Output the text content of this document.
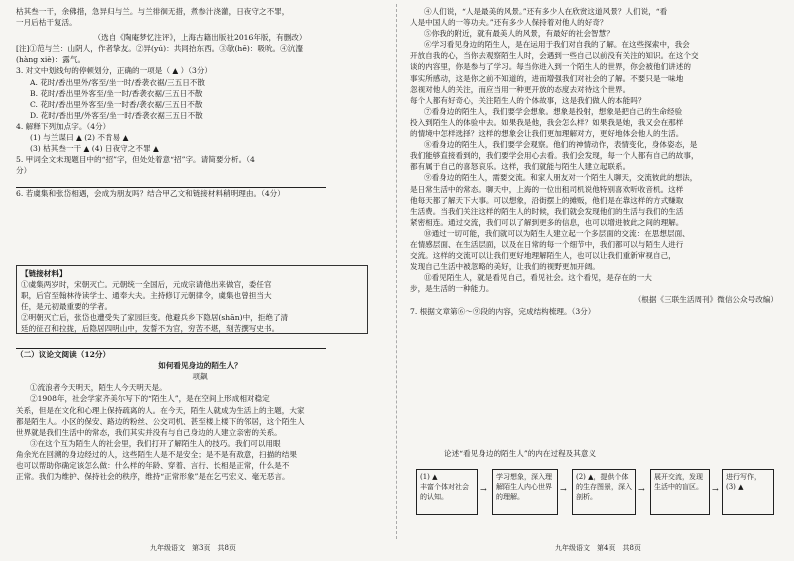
枯其叁一干，余佛措，急异归与兰。与兰徘徊无措，煮参汁浇灌，日夜守之不罪，
一月后枯干复活。
（选自《陶庵梦忆注评》，上海古籍出版社2016年版，有删改）
[注]①范与兰：山阴人，作者挚友。②异(yú)：共同抬东西。③欹(hē)：吸吮。④沆瀣
(hàng xiè)：露气。
3. 对文中划线句的停顿划分，正确的一项是（ ▲ ）（3分）
A. 花时/香出里外/客至/坐一时/香袭衣裾/三五日不散
B. 花时/香出里外客至/坐一时/香袭衣裾/三五日不散
C. 花时/香出里外客至/坐一时香/袭衣裾/三五日不散
D. 花时/香出里/外客至/坐一时/香袭衣裾三五日不散
4. 解释下列加点字。（4分）
(1) 与兰谋曰 ▲ (2) 不肯易 ▲
(3) 枯其叁一干 ▲ (4) 日夜守之不罪 ▲
5. 甲词全文未现题目中的“招”字，但处处着意“招”字。请简要分析。（4
分）
6. 若虞集和张岱相遇，会成为朋友吗？结合甲乙文和链接材料稍明理由。（4分）
【链接材料】
①虞集两岁时，宋朝灭亡。元朝统一全国后，元成宗请他出来做官，委任官
职，后官至翰林待读学士、通奉大夫。主持修订元朝律令，虞集也曾担当大
任，是元初最重要的学者。
②明朝灭亡后，张岱也遭受失了家园巨变。他避兵乡下隐居(shān)中，拒绝了清
廷的征召和拉拢，后隐居四明山中，发誓不为官，穷苦不堪，刻苦撰写史书。
（二）议论文阅读（12分）
如何看见身边的陌生人？
项飙
①流浪者今天明天，陌生人今天明天是。
②1908年，社会学家齐美尔写下的“陌生人”，是在空间上形成相对稳定
关系，但是在文化和心理上保持疏离的人。在今天，陌生人就成为生活上的主题，大家
都是陌生人。小区的保安、路边的粉丝、公交司机、甚至楼上楼下的邻居，这个陌生人
世界就是我们生活中的常态，我们其实并没有与自己身边的人建立亲密的关系。
③在这个互为陌生人的社会里，我们打开了解陌生人的技巧。我们可以用眼
角余光在回溯的身边经过的人，这些陌生人是不是安全；是不是有敌意，扫描的结果
也可以帮助你确定该怎么做：什么样的年龄、穿着、言行、长相是正常，什么是不
正常。我们为维护、保持社会的秩序，维持“正常形象”是在乞丐宏义、毫无恶言。
九年级语文　第3页　共8页
④人们说，“人是最美的风景。”还有多少人在欣赏这道风景？人们说，“看
人是中国人的一等功夫。”还有多少人保持着对他人的好奇？
⑤你我的附近，就有最美人的风景，有最好的社会智慧？
⑥学习看见身边的陌生人，是在运用于我们对自我的了解。在这些探索中，我会
开放自我的心，当你去观察陌生人时，会遇到一些自己以前没有关注的知识。在这个交
谈的内容里，你是参与了学习。每当你进入到一个陌生人的世界，你会被他们讲述的
事实所感动，这是你之前不知道的，进而增强我们对社会的了解。不要只是一味地
忽视对他人的关注，而应当用一种更开放的态度去对待这个世界。
每个人都有好奇心，关注陌生人的个体故事，这是我们做人的本能吗？
⑦看身边的陌生人，我们要学会想象。想象是投射，想象是把自己的生命经验
投入到陌生人的体验中去。如果我是他，我会怎么样？如果我是她，我又会在那样
的情境中怎样选择？这样的想象会让我们更加理解对方，更好地体会他人的生活。
⑧看身边的陌生人，我们要学会观察。他们的神情动作，表情变化，身体姿态，是
我们能够直接看到的，我们要学会用心去看。我们会发现，每一个人都有自己的故事，
都有属于自己的喜怒哀乐。这样，我们就能与陌生人建立起联系。
⑨看身边的陌生人，需要交流。和家人朋友对一个陌生人聊天，交流彼此的想法，
是日常生活中的常态。聊天中，上海的一位出租司机说他特别喜欢听收音机。这样
他每天都了解天下大事。可以想象，沿街摆上的摊贩，他们是在靠这样的方式赚取
生活费。当我们关注这样的陌生人的时候，我们就会发现他们的生活与我们的生活
紧密相连。通过交流，我们可以了解到更多的信息，也可以增进彼此之间的理解。
⑩通过一切可能，我们就可以为陌生人建立起一个多层面的交流：在思想层面、
在情感层面、在生活层面，以及在日常的每一个细节中，我们都可以与陌生人进行
交流。这样的交流可以让我们更好地理解陌生人，也可以让我们重新审视自己，
发现自己生活中被忽略的美好，让我们的视野更加开阔。
⑪看见陌生人，就是看见自己，看见社会。这个看见，是存在的一大
步，是生活的一种能力。
（根据《三联生活周刊》微信公众号改编）
7. 根据文章第⑥～⑨段的内容，完成结构梳理。（3分）
论述“看见身边的陌生人”的内在过程及其意义
(1) ▲
丰富个体对社会的认知。
→
学习想象，深入理解陌生人内心世界的理解。
→
(2) ▲，提供个体的生存图景，深入剖析。
→
展开交流，发现生活中的盲区。	→
进行写作，(3) ▲
九年级语文　第4页　共8页
